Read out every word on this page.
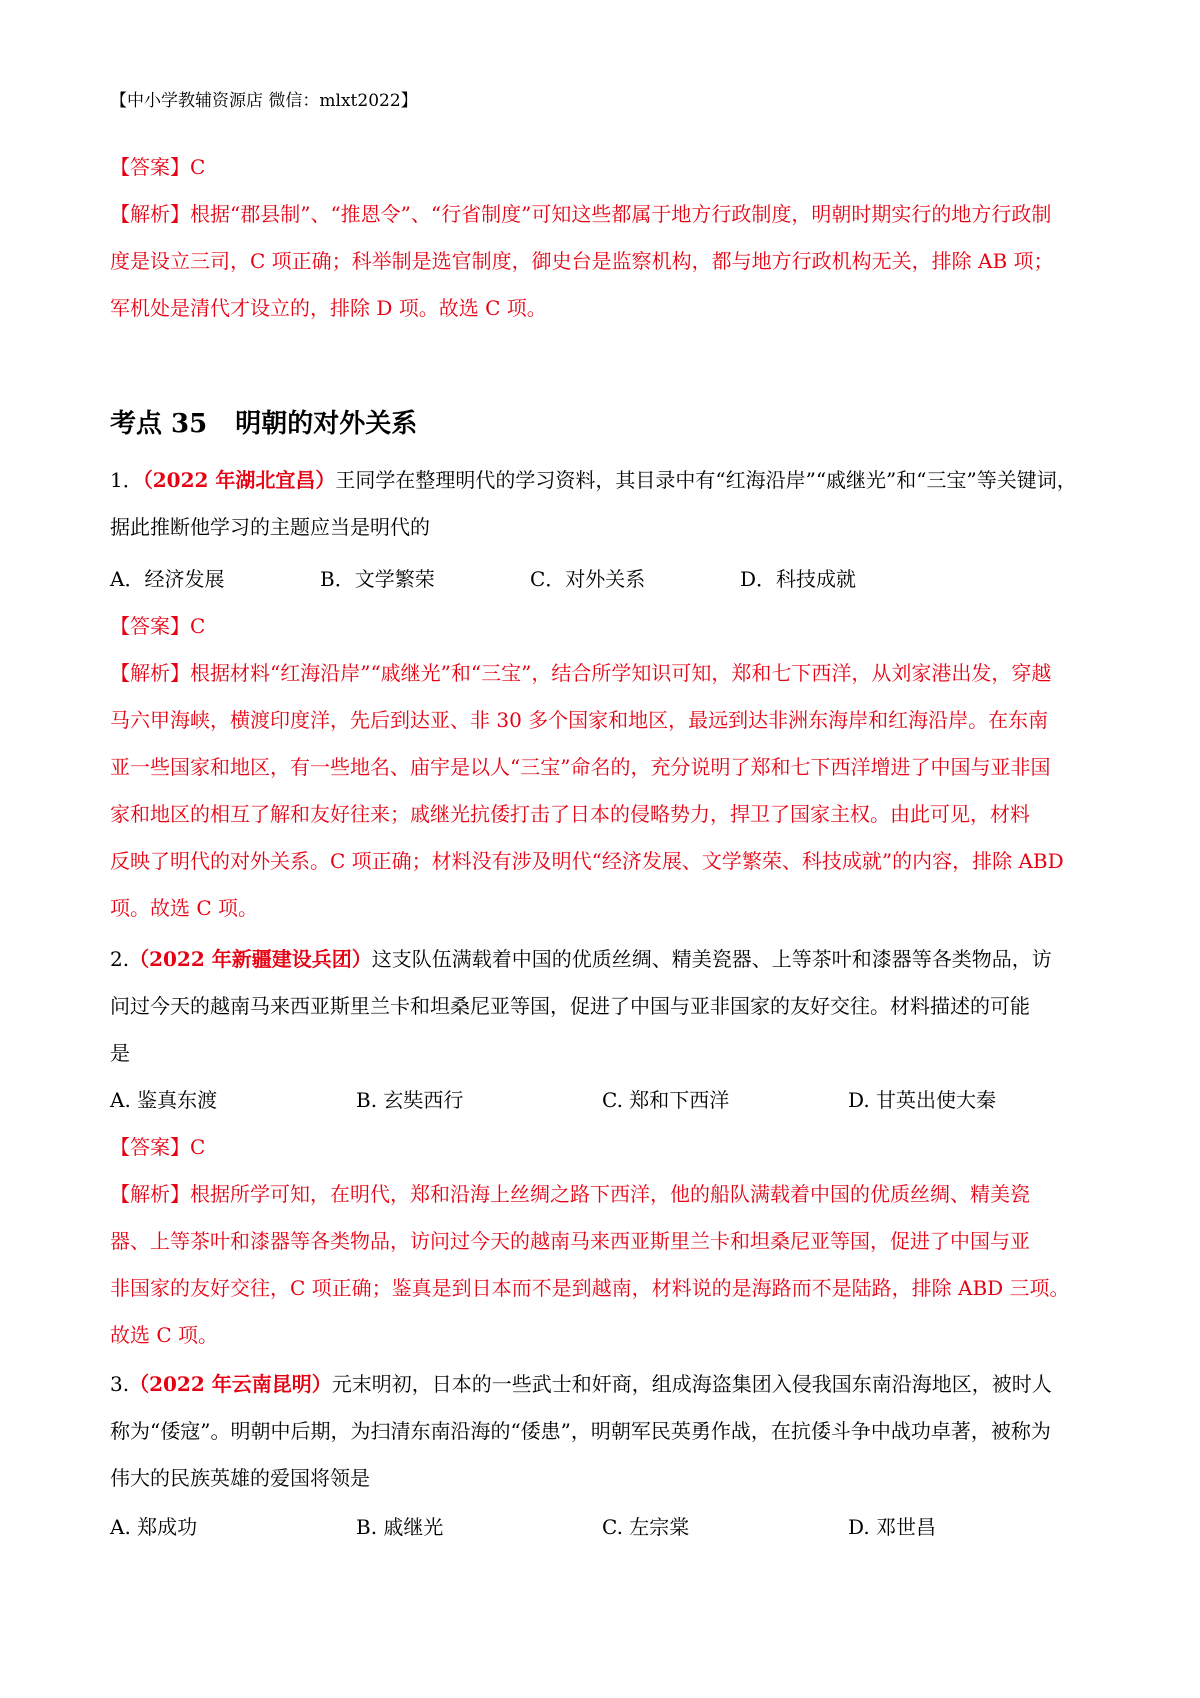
【中小学教辅资源店 微信：mlxt2022】
【答案】C
【解析】根据“郡县制”、“推恩令”、“行省制度”可知这些都属于地方行政制度，明朝时期实行的地方行政制
度是设立三司，C 项正确；科举制是选官制度，御史台是监察机构，都与地方行政机构无关，排除 AB 项；
军机处是清代才设立的，排除 D 项。故选 C 项。
考点 35 明朝的对外关系
1．（2022 年湖北宜昌）王同学在整理明代的学习资料，其目录中有“红海沿岸”“戚继光”和“三宝”等关键词，
据此推断他学习的主题应当是明代的
A．经济发展	B．文学繁荣	C．对外关系	D．科技成就
【答案】C
【解析】根据材料“红海沿岸”“戚继光”和“三宝”，结合所学知识可知，郑和七下西洋，从刘家港出发，穿越
马六甲海峡，横渡印度洋，先后到达亚、非 30 多个国家和地区，最远到达非洲东海岸和红海沿岸。在东南
亚一些国家和地区，有一些地名、庙宇是以人“三宝”命名的，充分说明了郑和七下西洋增进了中国与亚非国
家和地区的相互了解和友好往来；戚继光抗倭打击了日本的侵略势力，捍卫了国家主权。由此可见，材料
反映了明代的对外关系。C 项正确；材料没有涉及明代“经济发展、文学繁荣、科技成就”的内容，排除 ABD
项。故选 C 项。
2.（2022 年新疆建设兵团）这支队伍满载着中国的优质丝绸、精美瓷器、上等茶叶和漆器等各类物品，访
问过今天的越南马来西亚斯里兰卡和坦桑尼亚等国，促进了中国与亚非国家的友好交往。材料描述的可能
是
A. 鉴真东渡	B. 玄奘西行	C. 郑和下西洋	D. 甘英出使大秦
【答案】C
【解析】根据所学可知，在明代，郑和沿海上丝绸之路下西洋，他的船队满载着中国的优质丝绸、精美瓷
器、上等茶叶和漆器等各类物品，访问过今天的越南马来西亚斯里兰卡和坦桑尼亚等国，促进了中国与亚
非国家的友好交往，C 项正确；鉴真是到日本而不是到越南，材料说的是海路而不是陆路，排除 ABD 三项。
故选 C 项。
3.（2022 年云南昆明）元末明初，日本的一些武士和奸商，组成海盗集团入侵我国东南沿海地区，被时人
称为“倭寇”。明朝中后期，为扫清东南沿海的“倭患”，明朝军民英勇作战，在抗倭斗争中战功卓著，被称为
伟大的民族英雄的爱国将领是
A. 郑成功	B. 戚继光	C. 左宗棠	D. 邓世昌
